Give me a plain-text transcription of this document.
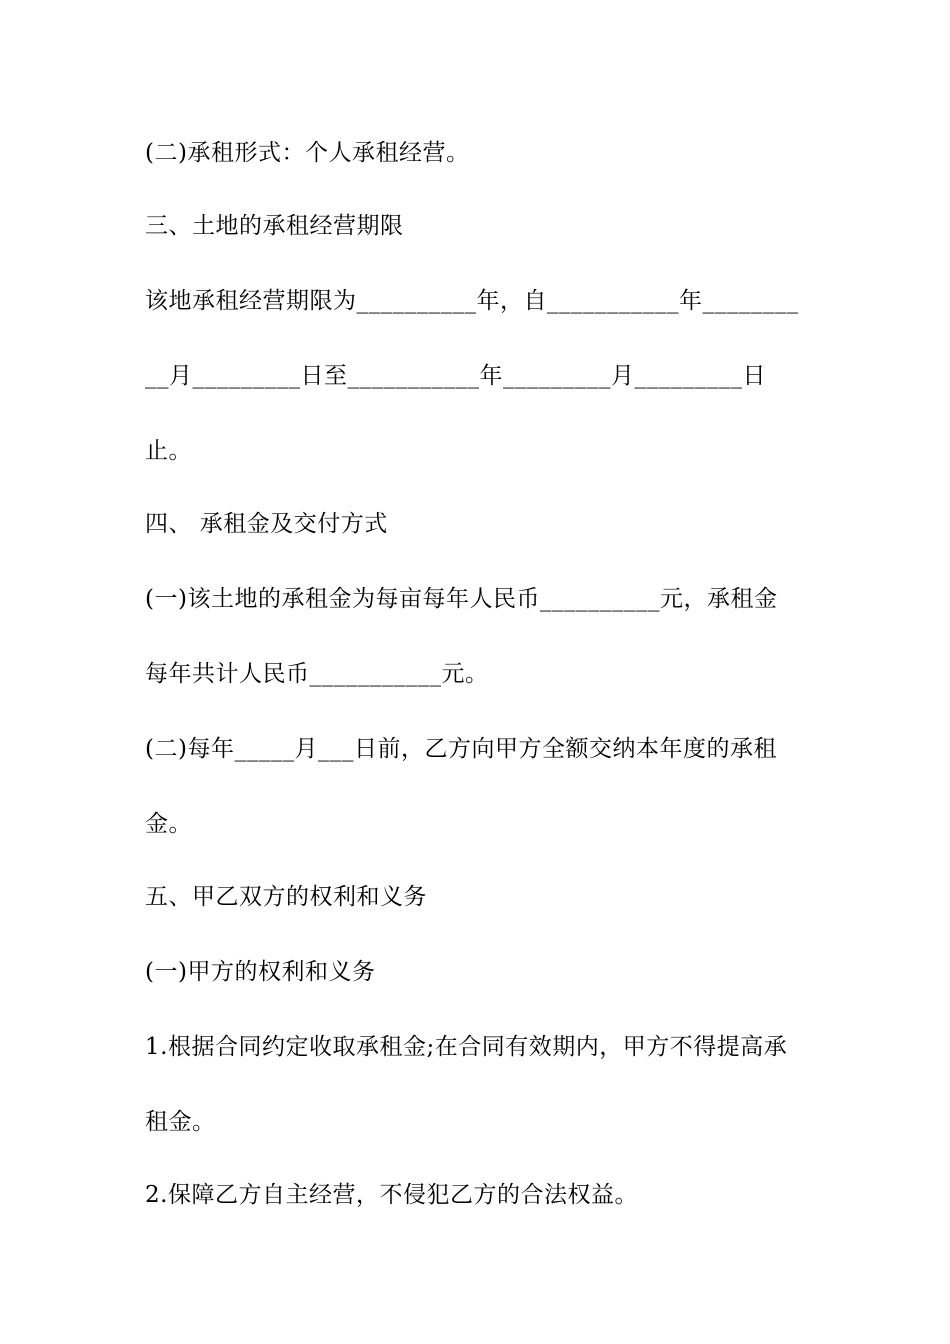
(二)承租形式：个人承租经营。
三、土地的承租经营期限
该地承租经营期限为__________年，自___________年________
__月_________日至___________年_________月_________日
止。
四、 承租金及交付方式
(一)该土地的承租金为每亩每年人民币__________元，承租金
每年共计人民币___________元。
(二)每年_____月___日前，乙方向甲方全额交纳本年度的承租
金。
五、甲乙双方的权利和义务
(一)甲方的权利和义务
1.根据合同约定收取承租金;在合同有效期内，甲方不得提高承
租金。
2.保障乙方自主经营，不侵犯乙方的合法权益。
